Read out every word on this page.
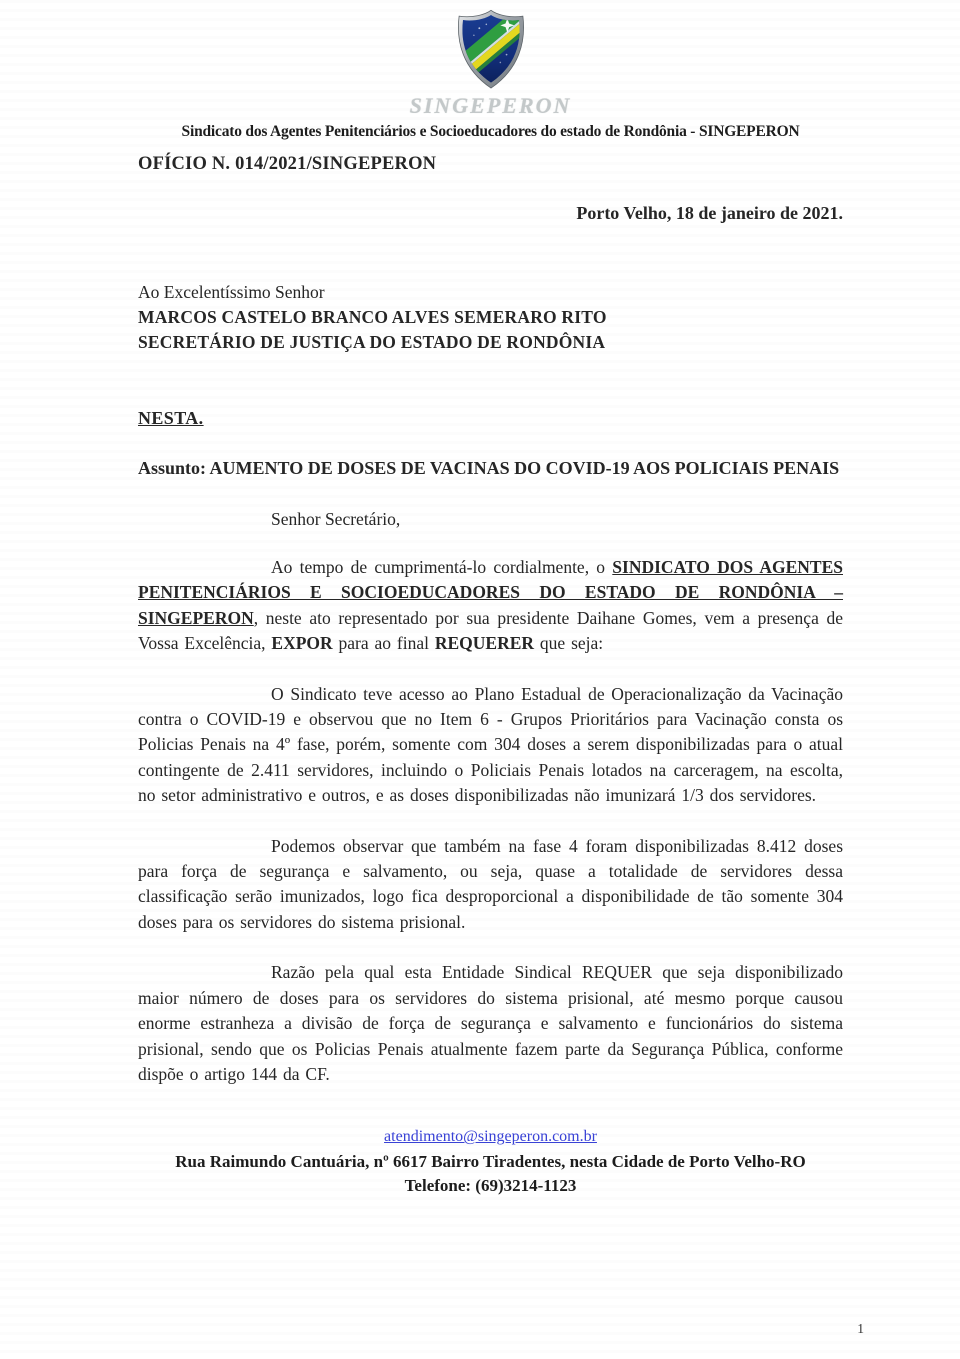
SINGEPERON
Sindicato dos Agentes Penitenciários e Socioeducadores do estado de Rondônia - SINGEPERON
OFÍCIO N. 014/2021/SINGEPERON
Porto Velho, 18 de janeiro de 2021.
Ao Excelentíssimo Senhor
MARCOS CASTELO BRANCO ALVES SEMERARO RITO
SECRETÁRIO DE JUSTIÇA DO ESTADO DE RONDÔNIA
NESTA.

Assunto: AUMENTO DE DOSES DE VACINAS DO COVID-19 AOS POLICIAIS PENAIS

Senhor Secretário,

Ao tempo de cumprimentá-lo cordialmente, o SINDICATO DOS AGENTES PENITENCIÁRIOS E SOCIOEDUCADORES DO ESTADO DE RONDÔNIA – SINGEPERON, neste ato representado por sua presidente Daihane Gomes, vem a presença de Vossa Excelência, EXPOR para ao final REQUERER que seja:

O Sindicato teve acesso ao Plano Estadual de Operacionalização da Vacinação contra o COVID-19 e observou que no Item 6 - Grupos Prioritários para Vacinação consta os Policias Penais na 4º fase, porém, somente com 304 doses a serem disponibilizadas para o atual contingente de 2.411 servidores, incluindo o Policiais Penais lotados na carceragem, na escolta, no setor administrativo e outros, e as doses disponibilizadas não imunizará 1/3 dos servidores.

Podemos observar que também na fase 4 foram disponibilizadas 8.412 doses para força de segurança e salvamento, ou seja, quase a totalidade de servidores dessa classificação serão imunizados, logo fica desproporcional a disponibilidade de tão somente 304 doses para os servidores do sistema prisional.

Razão pela qual esta Entidade Sindical REQUER que seja disponibilizado maior número de doses para os servidores do sistema prisional, até mesmo porque causou enorme estranheza a divisão de força de segurança e salvamento e funcionários do sistema prisional, sendo que os Policias Penais atualmente fazem parte da Segurança Pública, conforme dispõe o artigo 144 da CF.

atendimento@singeperon.com.br
Rua Raimundo Cantuária, nº 6617 Bairro Tiradentes, nesta Cidade de Porto Velho-RO
Telefone: (69)3214-1123
1
